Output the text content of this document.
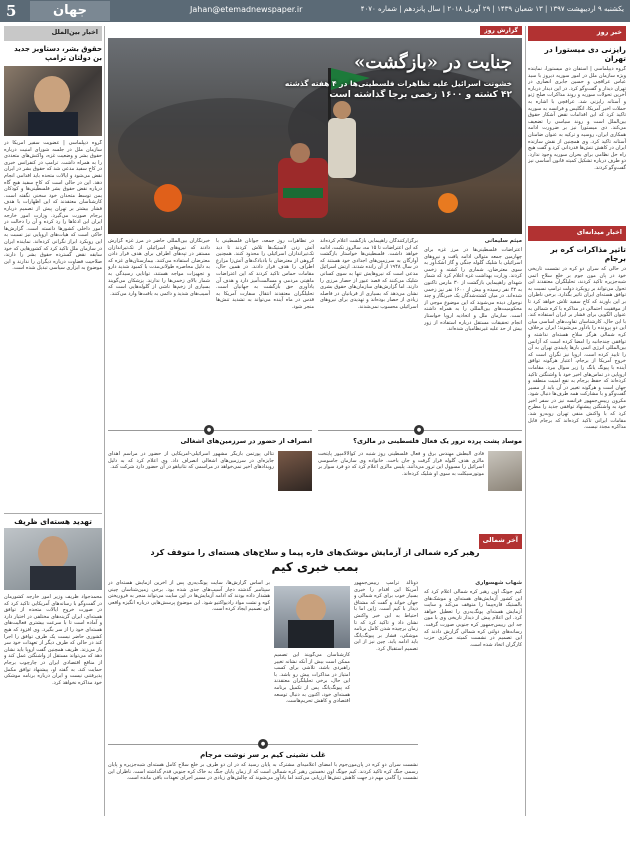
5	جهان	Jahan@etemadnewspaper.ir	یکشنبه ۹ اردیبهشت ۱۳۹۷ | ۱۳ شعبان ۱۴۳۹ | ۲۹ آوریل ۲۰۱۸ | سال پانزدهم | شماره ۴۰۷۰
اخبار بین‌الملل
حقوق بشر، دستاویز جدید بن دولتان ترامپ
گروه دیپلماسی | عضویت سفیر آمریکا در سازمان ملل در جلسه شورای امنیت درباره حقوق بشر و وضعیت غزه، واکنش‌های متعددی را به همراه داشت. ترامپ در کنفرانس خبری در کاخ سفید مدعی شد که حقوق بشر در ایران نقض می‌شود و ایالات متحده باید اقدامی انجام دهد. این در حالی است که کاخ سفید هیچ گاه درباره نقض حقوق بشر فلسطینی‌ها و کودکان یمن توسط متحدان خود سخنی نگفته است. کارشناسان معتقدند که این اظهارات با هدف فشار بیشتر بر تهران پیش از تصمیم درباره برجام صورت می‌گیرد. وزارت امور خارجه ایران این ادعاها را رد کرده و آن را دخالت در امور داخلی کشورها دانسته است. گزارش‌ها حاکی است که هیات‌های اروپایی نیز نسبت به این رویکرد ابراز نگرانی کرده‌اند. نماینده ایران در سازمان ملل تاکید کرد که کشورهایی که خود سابقه نقض گسترده حقوق بشر را دارند، صلاحیت قضاوت درباره دیگران را ندارند و این موضوع به ابزاری سیاسی تبدیل شده است.
تهدید هسته‌ای ظریف
محمدجواد ظریف وزیر امور خارجه کشورمان در گفت‌وگو با رسانه‌های آمریکایی تاکید کرد که در صورت خروج ایالات متحده از توافق هسته‌ای، ایران گزینه‌های مختلفی در اختیار دارد و آماده است تا با سرعت بیشتری فعالیت‌های هسته‌ای خود را از سر بگیرد. وی افزود که هیچ کشوری حاضر نیست یک طرف توافق را اجرا کند در حالی که طرف دیگر از تعهدات خود سر باز می‌زند. ظریف همچنین گفت اروپا باید نشان دهد که می‌تواند مستقل از واشنگتن عمل کند و از منافع اقتصادی ایران در چارچوب برجام حمایت کند. به گفته او، پیشنهاد توافق مکمل پذیرفتنی نیست و ایران درباره برنامه موشکی خود مذاکره نخواهد کرد.
خبر روز
رایزنی دی میستورا در تهران
گروه دیپلماسی | استفان دی میستورا، نماینده ویژه سازمان ملل در امور سوریه دیروز با سید عباس عراقچی و حسین جابری انصاری در تهران دیدار و گفت‌وگو کرد. در این دیدار درباره آخرین تحولات سوریه و روند مذاکرات صلح ژنو و آستانه رایزنی شد. عراقچی با اشاره به حملات اخیر آمریکا، انگلیس و فرانسه به سوریه تاکید کرد که این اقدامات نقض آشکار حقوق بین‌الملل است و روند سیاسی را تضعیف می‌کند. دی میستورا نیز بر ضرورت ادامه همکاری ایران، روسیه و ترکیه به عنوان ضامنان آستانه تاکید کرد. وی همچنین از نقش سازنده ایران در کاهش تنش‌ها قدردانی کرد و گفت هیچ راه حل نظامی برای بحران سوریه وجود ندارد. دو طرف درباره تشکیل کمیته قانون اساسی نیز گفت‌وگو کردند.
اخبار میدانه‌ای
تاثیر مذاکرات کره بر برجام
در حالی که سران دو کره در نشست تاریخی خود در پان مون جوم بر خلع سلاح اتمی شبه‌جزیره تاکید کردند، تحلیلگران معتقدند این تحول می‌تواند بر رویکرد دولت ترامپ نسبت به توافق هسته‌ای ایران تاثیر بگذارد. برخی ناظران بر این باورند که کاخ سفید تلاش خواهد کرد تا از موفقیت احتمالی در مذاکره با کره شمالی به عنوان الگویی برای فشار بر ایران استفاده کند. با این حال، کارشناسان تفاوت‌های اساسی میان این دو پرونده را یادآور می‌شوند؛ ایران برخلاف کره شمالی هرگز سلاح هسته‌ای نداشته و توافقی چندجانبه را امضا کرده است که آژانس بین‌المللی انرژی اتمی بارها پایبندی تهران به آن را تایید کرده است. اروپا نیز نگران است که خروج آمریکا از برجام، اعتبار هرگونه توافق آینده با پیونگ یانگ را زیر سوال ببرد. مقامات اروپایی در تماس‌های اخیر خود با واشنگتن تاکید کرده‌اند که حفظ برجام به نفع امنیت منطقه و جهان است و هرگونه تغییر در آن باید از مسیر گفت‌وگو و با مشارکت همه طرف‌ها دنبال شود. مکرون رییس‌جمهور فرانسه نیز در سفر اخیر خود به واشنگتن پیشنهاد توافقی جدید را مطرح کرد که با واکنش منفی تهران روبه‌رو شد. مقامات ایرانی تاکید کرده‌اند که برجام قابل مذاکره مجدد نیست.
گزارش روز
جنایت در «بازگشت»
خشونت اسرائیل علیه تظاهرات فلسطینی‌ها در ۴ هفته گذشته
۴۲ کشته و ۱۶۰۰ زخمی برجا گذاشته است
میثم سلیمانی
اعتراضات فلسطینی‌ها در مرز غزه برای چهارمین جمعه متوالی ادامه یافت و نیروهای اسرائیلی با شلیک گلوله جنگی و گاز اشک‌آور به سوی معترضان، شماری را کشته و زخمی کردند. وزارت بهداشت غزه اعلام کرد که شمار شهدای راهپیمایی بازگشت از ۳۰ مارس تاکنون به ۴۲ نفر رسیده و بیش از ۱۶۰۰ نفر نیز زخمی شده‌اند. در میان کشته‌شدگان یک خبرنگار و چند نوجوان دیده می‌شوند که این موضوع موجی از محکومیت‌های بین‌المللی را به همراه داشته است. سازمان ملل و اتحادیه اروپا خواستار انجام تحقیقات مستقل درباره استفاده از زور بیش از حد علیه غیرنظامیان شده‌اند.
برگزارکنندگان راهپیمایی بازگشت اعلام کرده‌اند که این اعتراضات تا ۱۵ مه، سالروز نکبت، ادامه خواهد داشت. فلسطینی‌ها خواستار بازگشت آوارگان به سرزمین‌های اجدادی خود هستند که در سال ۱۹۴۸ از آن رانده شدند. ارتش اسرائیل مدعی است که نیروهایش تنها به سوی کسانی شلیک می‌کنند که قصد عبور از حصار مرزی را دارند. اما گزارش‌های سازمان‌های حقوق بشری نشان می‌دهد که بسیاری از قربانیان در فاصله زیادی از حصار بوده‌اند و تهدیدی برای نیروهای اسرائیلی محسوب نمی‌شدند.
در تظاهرات روز جمعه، جوانان فلسطینی با آتش زدن لاستیک‌ها تلاش کردند تا دید تک‌تیراندازان اسرائیلی را محدود کنند. همچنین گروهی از معترضان با بادبادک‌های آتش‌زا مزارع اطراف را هدف قرار دادند. در همین حال، مقامات حماس تاکید کردند که این اعتراضات ماهیتی مردمی و مسالمت‌آمیز دارد و هدف آن یادآوری حق بازگشت به جهانیان است. تحلیلگران معتقدند انتقال سفارت آمریکا به قدس در ماه آینده می‌تواند به تشدید تنش‌ها منجر شود.
خبرنگاران بین‌المللی حاضر در مرز غزه گزارش دادند که نیروهای اسرائیلی از تک‌تیراندازان مستقر در تپه‌های اطراف برای هدف قرار دادن معترضان استفاده می‌کنند. بیمارستان‌های غزه که به دلیل محاصره طولانی‌مدت با کمبود شدید دارو و تجهیزات مواجه هستند، توانایی رسیدگی به شمار بالای زخمی‌ها را ندارند. پزشکان می‌گویند بسیاری از زخم‌ها ناشی از گلوله‌هایی است که آسیب‌های شدید و دائمی به بافت‌ها وارد می‌کنند.
●
موساد پشت پرده ترور یک فعال فلسطینی در مالزی؟
فادی البطش مهندس برق و فعال فلسطینی روز شنبه در کوالالامپور پایتخت مالزی هدف گلوله قرار گرفت و جان باخت. خانواده وی سازمان جاسوسی اسرائیل را مسوول این ترور می‌دانند. پلیس مالزی اعلام کرد که دو فرد سوار بر موتورسیکلت به سوی او شلیک کرده‌اند.
●
انصراف از حضور در سرزمین‌های اشغالی
نتالی پورتمن بازیگر مشهور اسرائیلی-آمریکایی از حضور در مراسم اهدای جایزه‌ای در سرزمین‌های اشغالی انصراف داد. وی اعلام کرد که به دلیل رویدادهای اخیر نمی‌خواهد در مراسمی که نتانیاهو در آن حضور دارد شرکت کند.
آخر شمالی
رهبر کره شمالی از آزمایش موشک‌های قاره پیما و سلاح‌های هسته‌ای را متوقف کرد
بمب خبری کیم
شهاب شهسواری
کیم جونگ اون رهبر کره شمالی اعلام کرد که این کشور آزمایش‌های هسته‌ای و موشک‌های بالستیک قاره‌پیما را متوقف می‌کند و سایت آزمایش هسته‌ای پونگ‌یه‌ری را تعطیل خواهد کرد. این اعلام پیش از دیدار تاریخی وی با مون جه این رییس‌جمهور کره جنوبی صورت گرفت. رسانه‌های دولتی کره شمالی گزارش دادند که این تصمیم در نشست کمیته مرکزی حزب کارگران اتخاذ شده است.
دونالد ترامپ رییس‌جمهور آمریکا این اقدام را خبری بسیار خوب برای کره شمالی و جهان خواند و گفت که مشتاق دیدار با کیم است. ژاپن اما با احتیاط به این خبر واکنش نشان داد و تاکید کرد که تا زمان برچیده شدن کامل برنامه موشکی، فشار بر پیونگ‌یانگ باید ادامه یابد. چین نیز از این تصمیم استقبال کرد.
کارشناسان می‌گویند این تصمیم ممکن است بیش از آنکه نشانه تغییر راهبردی باشد، تلاشی برای کسب امتیاز در مذاکرات پیش رو باشد. با این حال، برخی تحلیلگران معتقدند که پیونگ‌یانگ پس از تکمیل برنامه هسته‌ای خود، اکنون به دنبال توسعه اقتصادی و کاهش تحریم‌هاست.
بر اساس گزارش‌ها، سایت پونگ‌یه‌ری پس از آخرین آزمایش هسته‌ای در سپتامبر گذشته دچار آسیب‌های جدی شده بود. برخی زمین‌شناسان چینی هشدار داده بودند که ادامه آزمایش‌ها در این سایت می‌تواند منجر به فروریختن کوه و نشت مواد رادیواکتیو شود. این موضوع پرسش‌هایی درباره انگیزه واقعی این تصمیم ایجاد کرده است.
●
غلب نشینی کیم بر سر نوشت مرجام
نشست سران دو کره در پان‌مون‌جوم با امضای اعلامیه‌ای مشترک به پایان رسید که در آن دو طرف بر خلع سلاح کامل هسته‌ای شبه‌جزیره و پایان رسمی جنگ کره تاکید کردند. کیم جونگ اون نخستین رهبر کره شمالی است که از زمان پایان جنگ به خاک کره جنوبی قدم گذاشته است. ناظران این نشست را گامی مهم در جهت کاهش تنش‌ها ارزیابی می‌کنند اما یادآور می‌شوند که چالش‌های زیادی در مسیر اجرای تعهدات باقی مانده است.
